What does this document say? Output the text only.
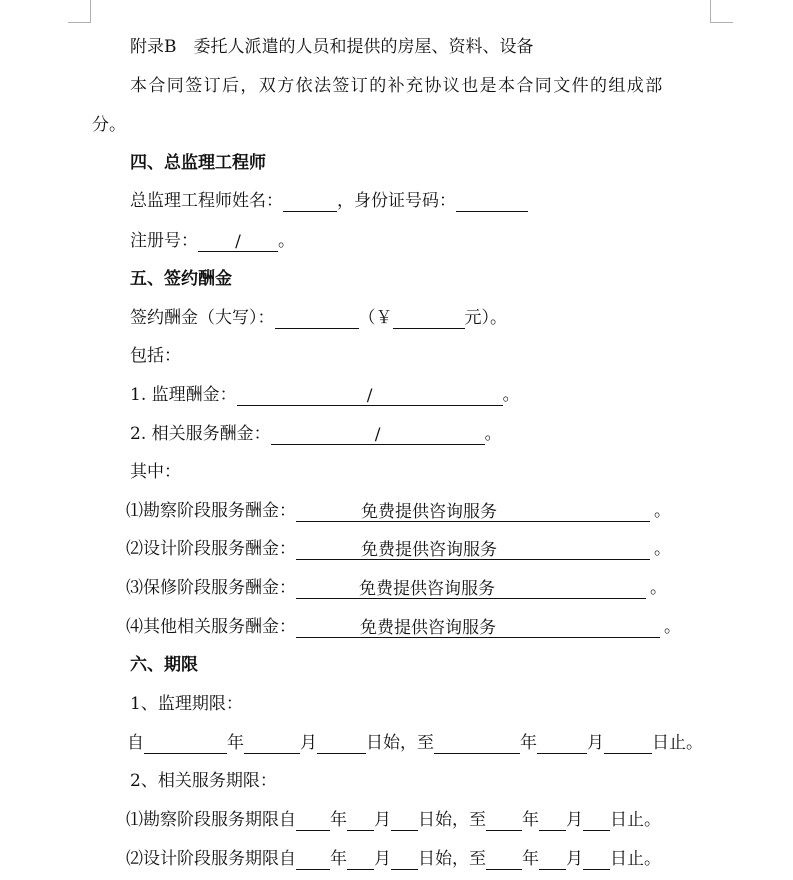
附录B　委托人派遣的人员和提供的房屋、资料、设备
本合同签订后，双方依法签订的补充协议也是本合同文件的组成部
分。
四、总监理工程师
总监理工程师姓名：	，身份证号码：
注册号： / 。
五、签约酬金
签约酬金（大写）：	（￥	元）。
包括：
1. 监理酬金：	/	。
2. 相关服务酬金：	/	。
其中：
⑴勘察阶段服务酬金：	免费提供咨询服务	。
⑵设计阶段服务酬金：	免费提供咨询服务	。
⑶保修阶段服务酬金：	免费提供咨询服务	。
⑷其他相关服务酬金：	免费提供咨询服务	。
六、期限
1、监理期限：
自	年	月	日始，至	年	月	日止。
2、相关服务期限：
⑴勘察阶段服务期限自 年 月 日始，至 年 月 日止。
⑵设计阶段服务期限自 年 月 日始，至 年 月 日止。
